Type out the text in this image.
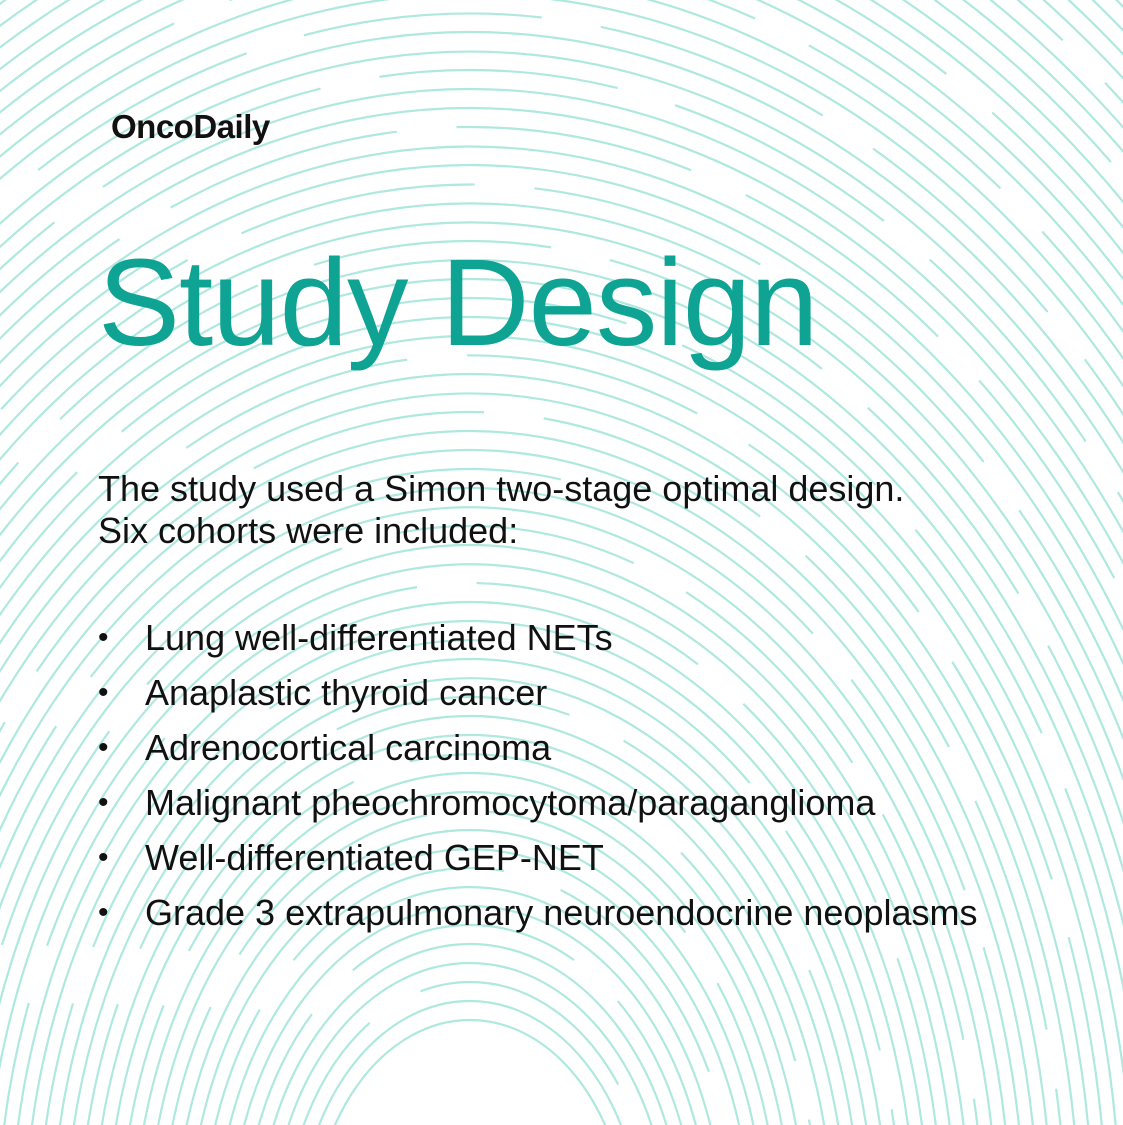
OncoDaily
Study Design

The study used a Simon two-stage optimal design.
Six cohorts were included:

• Lung well-differentiated NETs
• Anaplastic thyroid cancer
• Adrenocortical carcinoma
• Malignant pheochromocytoma/paraganglioma
• Well-differentiated GEP-NET
• Grade 3 extrapulmonary neuroendocrine neoplasms
